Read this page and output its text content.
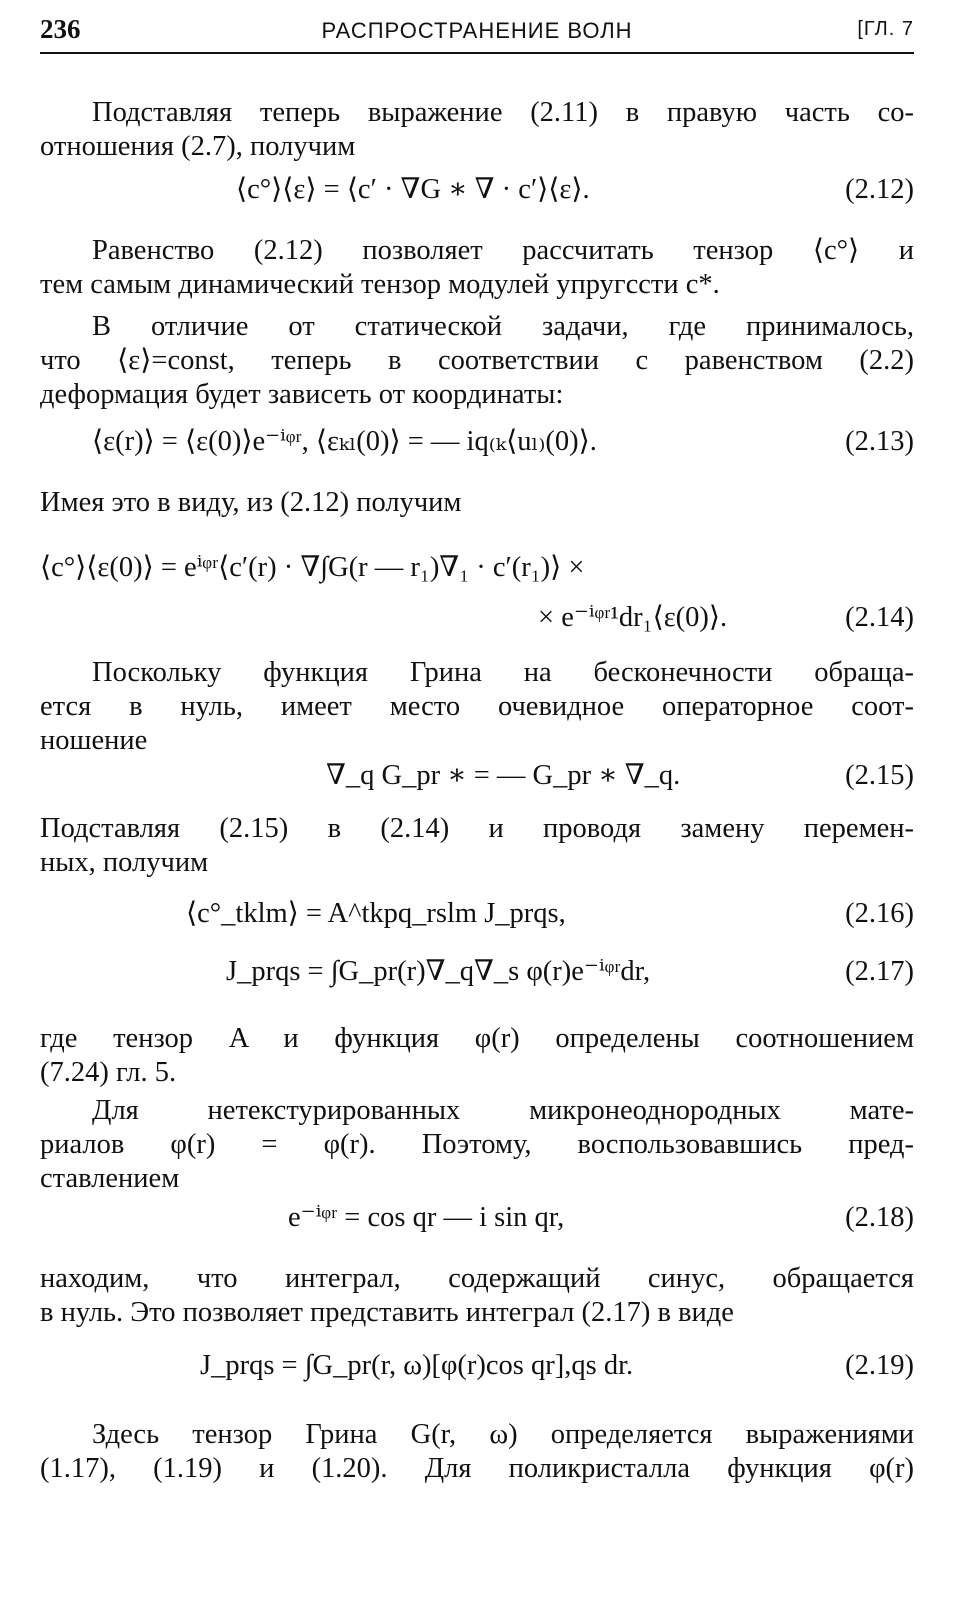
236	РАСПРОСТРАНЕНИЕ ВОЛН	[ГЛ. 7
Подставляя теперь выражение (2.11) в правую часть со-
отношения (2.7), получим
⟨c°⟩⟨ε⟩ = ⟨c′ · ∇G ∗ ∇ · c′⟩⟨ε⟩.	(2.12)
Равенство (2.12) позволяет рассчитать тензор ⟨c°⟩ и
тем самым динамический тензор модулей упругсcти c*.
В отличие от статической задачи, где принималось,
что ⟨ε⟩=const, теперь в соответствии с равенством (2.2)
деформация будет зависеть от координаты:
⟨ε(r)⟩ = ⟨ε(0)⟩e⁻ⁱᵠʳ, ⟨εₖₗ(0)⟩ = — iq₍ₖ⟨uₗ₎(0)⟩.	(2.13)
Имея это в виду, из (2.12) получим
⟨c°⟩⟨ε(0)⟩ = eⁱᵠʳ⟨c′(r) · ∇∫G(r — r₁)∇₁ · c′(r₁)⟩ ×
× e⁻ⁱᵠʳ¹dr₁⟨ε(0)⟩.	(2.14)
Поскольку функция Грина на бесконечности обраща-
ется в нуль, имеет место очевидное операторное соот-
ношение
∇_q G_pr ∗ = — G_pr ∗ ∇_q.	(2.15)
Подставляя (2.15) в (2.14) и проводя замену перемен-
ных, получим
⟨c°_tklm⟩ = A^tkpq_rslm J_prqs,	(2.16)
J_prqs = ∫G_pr(r)∇_q∇_s φ(r)e⁻ⁱᵠʳdr,	(2.17)
где тензор A и функция φ(r) определены соотношением
(7.24) гл. 5.
Для нетекстурированных микронеоднородных мате-
риалов φ(r) = φ(r). Поэтому, воспользовавшись пред-
ставлением
e⁻ⁱᵠʳ = cos qr — i sin qr,	(2.18)
находим, что интеграл, содержащий синус, обращается
в нуль. Это позволяет представить интеграл (2.17) в виде
J_prqs = ∫G_pr(r, ω)[φ(r)cos qr],qs dr.	(2.19)
Здесь тензор Грина G(r, ω) определяется выражениями
(1.17), (1.19) и (1.20). Для поликристалла функция φ(r)
